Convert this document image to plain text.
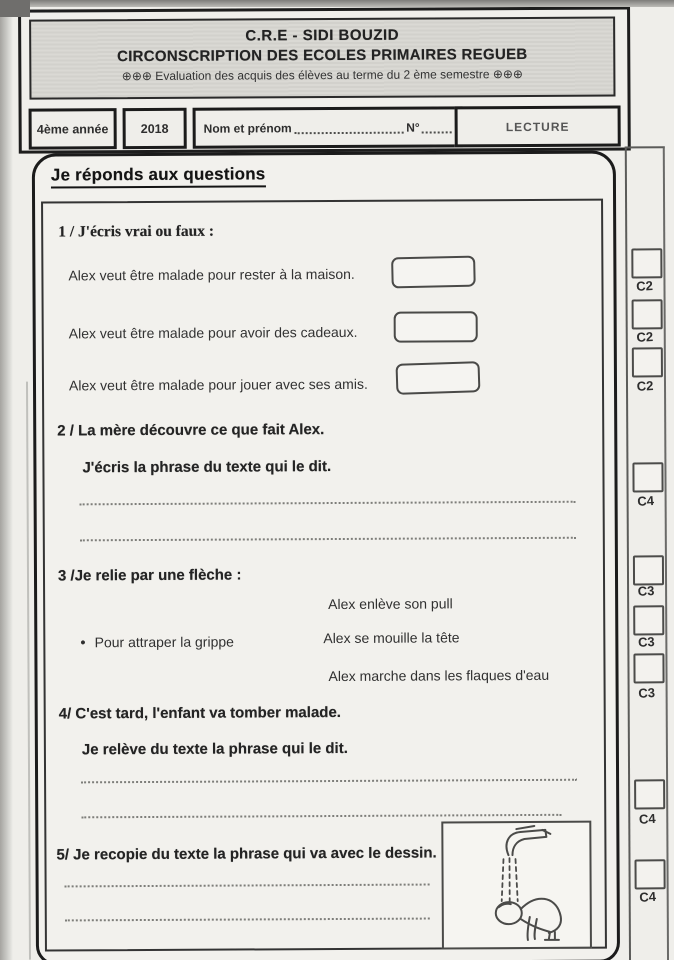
C.R.E - SIDI BOUZID
CIRCONSCRIPTION DES ECOLES PRIMAIRES REGUEB
⊕⊕⊕ Evaluation des acquis des élèves au terme du 2 ème semestre ⊕⊕⊕
4ème année	2018	Nom et prénom	N°	LECTURE
Je réponds aux questions
1 / J'écris vrai ou faux :
Alex veut être malade pour rester à la maison.
Alex veut être malade pour avoir des cadeaux.
Alex veut être malade pour jouer avec ses amis.
2 / La mère découvre ce que fait Alex.
J'écris la phrase du texte qui le dit.
3 /Je relie par une flèche :
Alex enlève son pull
• Pour attraper la grippe	Alex se mouille la tête
Alex marche dans les flaques d'eau
4/ C'est tard, l'enfant va tomber malade.
Je relève du texte la phrase qui le dit.
5/ Je recopie du texte la phrase qui va avec le dessin.
C2
C2
C2
C4
C3
C3
C3
C4
C4
